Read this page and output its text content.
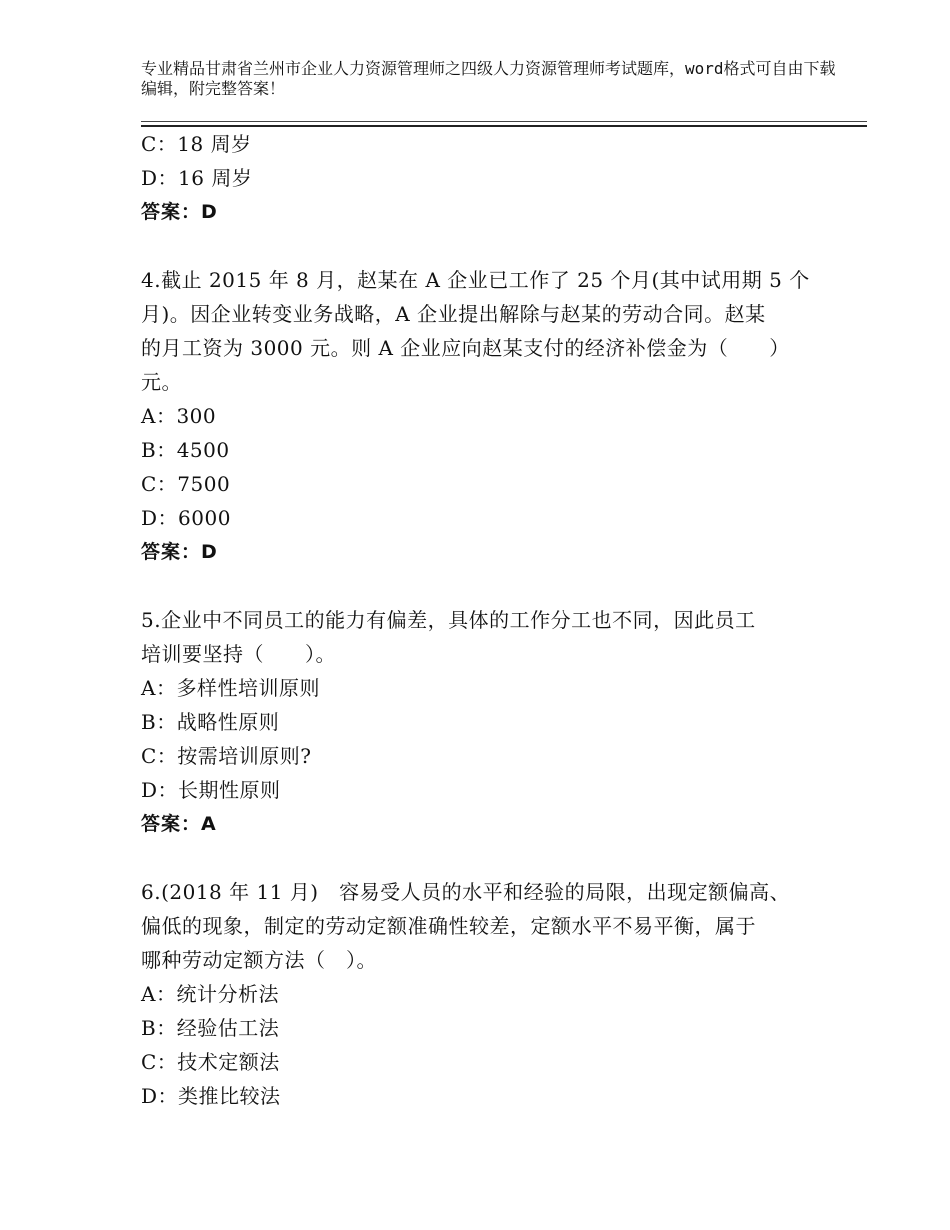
专业精品甘肃省兰州市企业人力资源管理师之四级人力资源管理师考试题库，word格式可自由下载编辑，附完整答案！
C：18 周岁
D：16 周岁
答案：D
4.截止 2015 年 8 月，赵某在 A 企业已工作了 25 个月(其中试用期 5 个
月)。因企业转变业务战略，A 企业提出解除与赵某的劳动合同。赵某
的月工资为 3000 元。则 A 企业应向赵某支付的经济补偿金为（　　）
元。
A：300
B：4500
C：7500
D：6000
答案：D
5.企业中不同员工的能力有偏差，具体的工作分工也不同，因此员工
培训要坚持（　　）。
A：多样性培训原则
B：战略性原则
C：按需培训原则?
D：长期性原则
答案：A
6.(2018 年 11 月)　容易受人员的水平和经验的局限，出现定额偏高、
偏低的现象，制定的劳动定额准确性较差，定额水平不易平衡，属于
哪种劳动定额方法（　）。
A：统计分析法
B：经验估工法
C：技术定额法
D：类推比较法
